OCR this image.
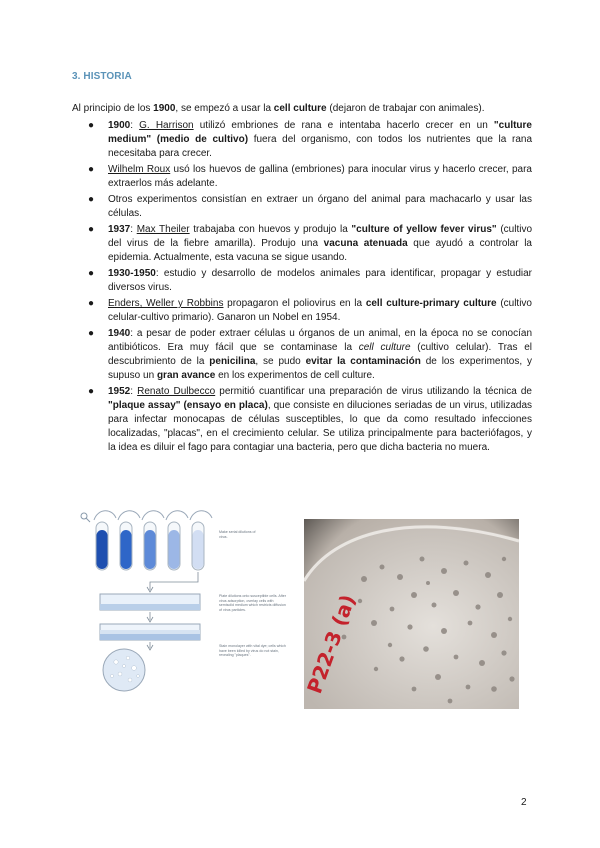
3. HISTORIA
Al principio de los 1900, se empezó a usar la cell culture (dejaron de trabajar con animales).
● 1900: G. Harrison utilizó embriones de rana e intentaba hacerlo crecer en un "culture medium" (medio de cultivo) fuera del organismo, con todos los nutrientes que la rana necesitaba para crecer.
● Wilhelm Roux usó los huevos de gallina (embriones) para inocular virus y hacerlo crecer, para extraerlos más adelante.
● Otros experimentos consistían en extraer un órgano del animal para machacarlo y usar las células.
● 1937: Max Theiler trabajaba con huevos y produjo la "culture of yellow fever virus" (cultivo del virus de la fiebre amarilla). Produjo una vacuna atenuada que ayudó a controlar la epidemia. Actualmente, esta vacuna se sigue usando.
● 1930-1950: estudio y desarrollo de modelos animales para identificar, propagar y estudiar diversos virus.
● Enders, Weller y Robbins propagaron el poliovirus en la cell culture-primary culture (cultivo celular-cultivo primario). Ganaron un Nobel en 1954.
● 1940: a pesar de poder extraer células u órganos de un animal, en la época no se conocían antibióticos. Era muy fácil que se contaminase la cell culture (cultivo celular). Tras el descubrimiento de la penicilina, se pudo evitar la contaminación de los experimentos, y supuso un gran avance en los experimentos de cell culture.
● 1952: Renato Dulbecco permitió cuantificar una preparación de virus utilizando la técnica de "plaque assay" (ensayo en placa), que consiste en diluciones seriadas de un virus, utilizadas para infectar monocapas de células susceptibles, lo que da como resultado infecciones localizadas, "placas", en el crecimiento celular. Se utiliza principalmente para bacteriófagos, y la idea es diluir el fago para contagiar una bacteria, pero que dicha bacteria no muera.
Make serial dilutions of virus.
Plate dilutions onto susceptible cells. After virus adsorption, overlay cells with semisolid medium which restricts diffusion of virus particles.
Stain monolayer with vital dye; cells which have been killed by virus do not stain, revealing "plaques".	P22-3 (a)
2
